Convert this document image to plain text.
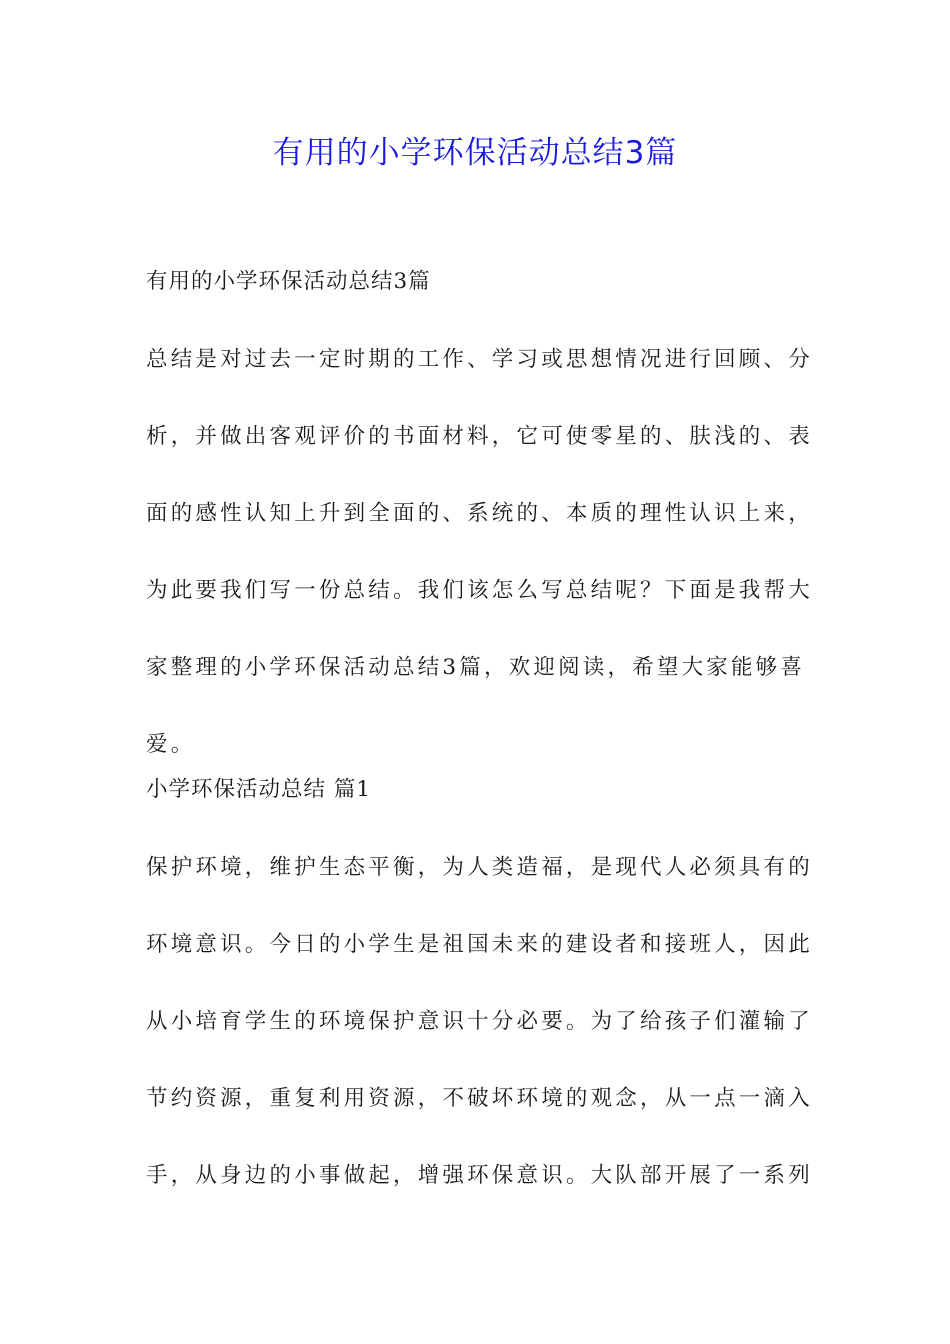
有用的小学环保活动总结3篇
有用的小学环保活动总结3篇
总结是对过去一定时期的工作、学习或思想情况进行回顾、分
析，并做出客观评价的书面材料，它可使零星的、肤浅的、表
面的感性认知上升到全面的、系统的、本质的理性认识上来，
为此要我们写一份总结。我们该怎么写总结呢？下面是我帮大
家整理的小学环保活动总结3篇，欢迎阅读，希望大家能够喜
爱。
小学环保活动总结 篇1
保护环境，维护生态平衡，为人类造福，是现代人必须具有的
环境意识。今日的小学生是祖国未来的建设者和接班人，因此
从小培育学生的环境保护意识十分必要。为了给孩子们灌输了
节约资源，重复利用资源，不破坏环境的观念，从一点一滴入
手，从身边的小事做起，增强环保意识。大队部开展了一系列
